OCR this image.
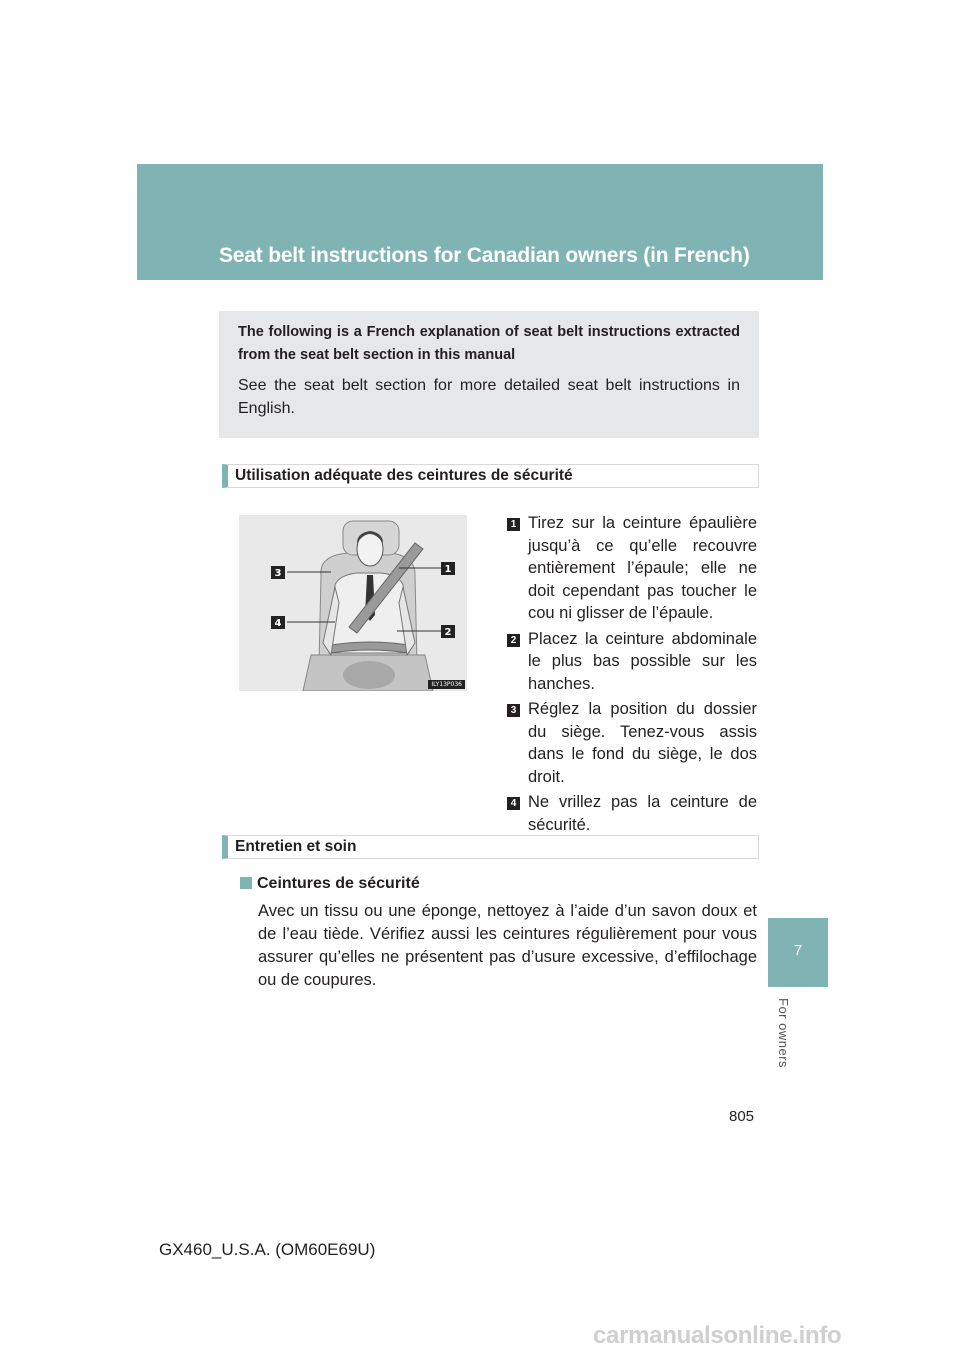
Seat belt instructions for Canadian owners (in French)
7
For owners

The following is a French explanation of seat belt instructions extracted from the seat belt section in this manual

See the seat belt section for more detailed seat belt instructions in English.

Utilisation adéquate des ceintures de sécurité
3	1
4
2
ILY13P036
1 Tirez sur la ceinture épaulière jusqu’à ce qu’elle recouvre entièrement l’épaule; elle ne doit cependant pas toucher le cou ni glisser de l’épaule.

2 Placez la ceinture abdominale le plus bas possible sur les hanches.

3 Réglez la position du dossier du siège. Tenez-vous assis dans le fond du siège, le dos droit.

4 Ne vrillez pas la ceinture de sécurité.

Entretien et soin
Ceintures de sécurité

Avec un tissu ou une éponge, nettoyez à l’aide d’un savon doux et de l’eau tiède. Vérifiez aussi les ceintures régulièrement pour vous assurer qu’elles ne présentent pas d’usure excessive, d’effilochage ou de coupures.

805
GX460_U.S.A. (OM60E69U)
carmanualsonline.info
